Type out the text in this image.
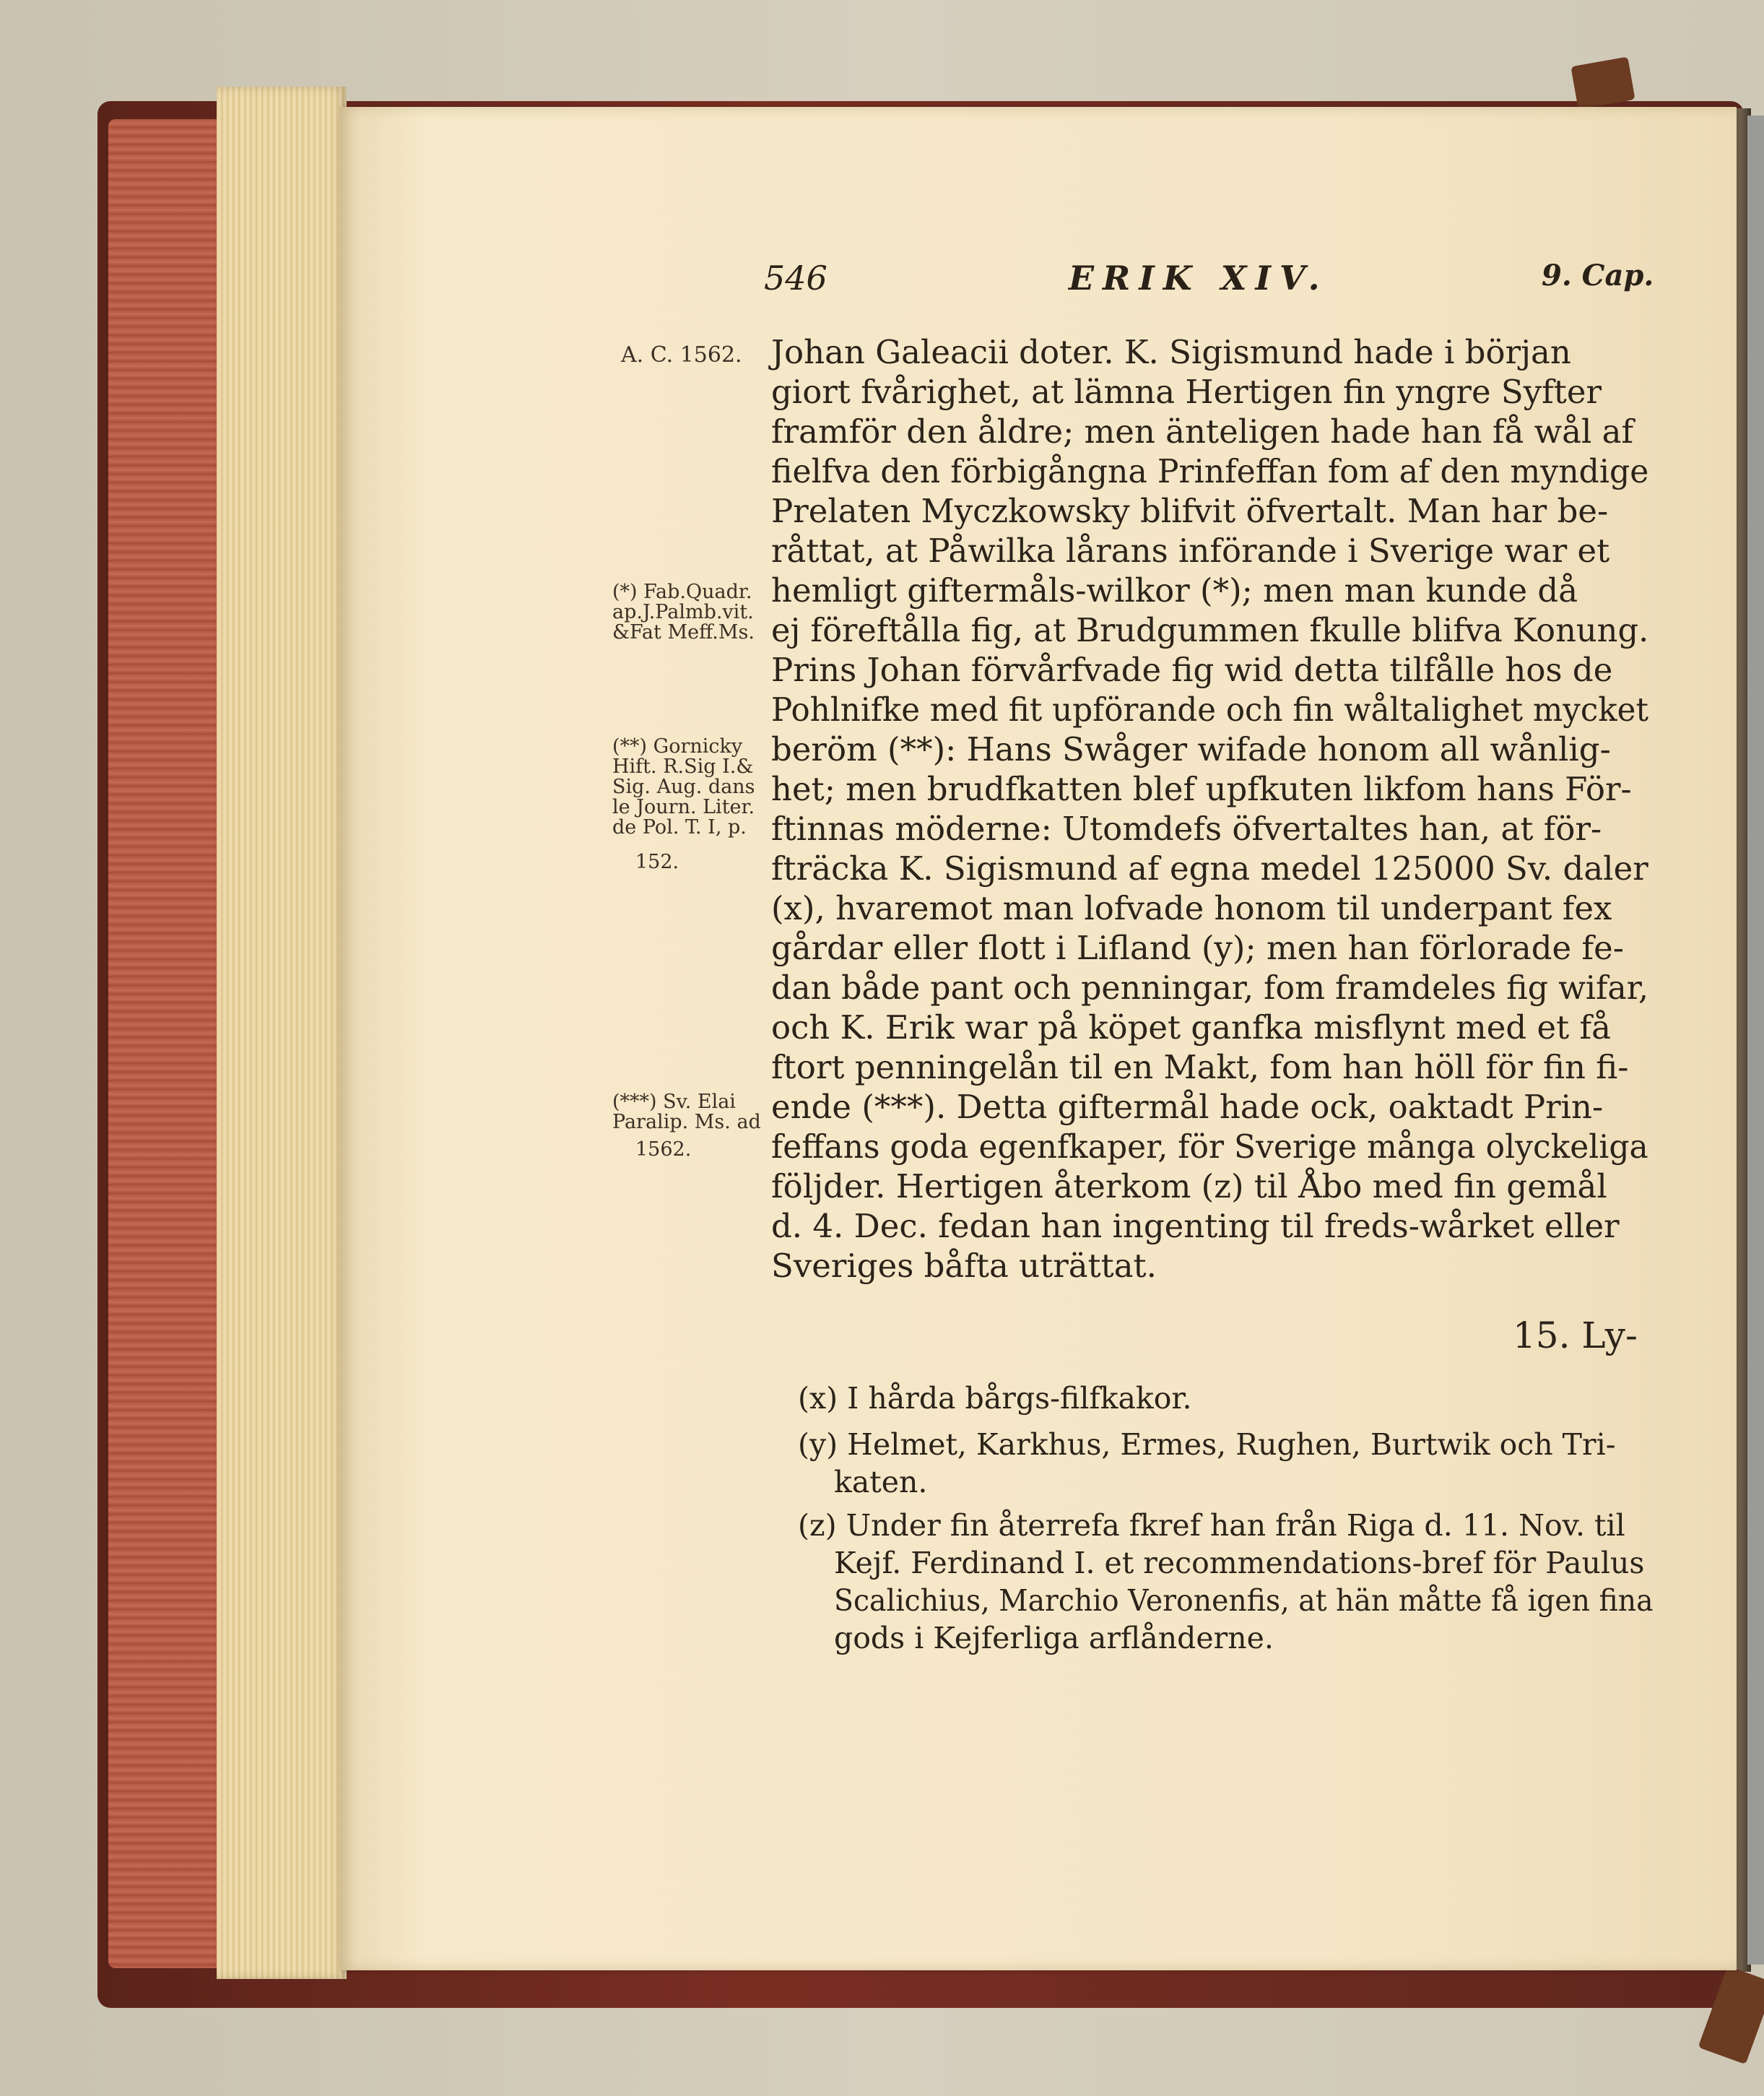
546	ERIK XIV.	9. Cap.
Johan Galeacii doter. K. Sigismund hade i början
giort fvårighet, at lämna Hertigen fin yngre Syfter
framför den åldre; men änteligen hade han få wål af
fielfva den förbigångna Prinfeffan fom af den myndige
Prelaten Myczkowsky blifvit öfvertalt. Man har be-
råttat, at Påwilka lårans införande i Sverige war et
hemligt giftermåls-wilkor (*); men man kunde då
ej föreftålla fig, at Brudgummen fkulle blifva Konung.
Prins Johan förvårfvade fig wid detta tilfålle hos de
Pohlnifke med fit upförande och fin wåltalighet mycket
beröm (**): Hans Swåger wifade honom all wånlig-
het; men brudfkatten blef upfkuten likfom hans För-
ftinnas möderne: Utomdefs öfvertaltes han, at för-
fträcka K. Sigismund af egna medel 125000 Sv. daler
(x), hvaremot man lofvade honom til underpant fex
gårdar eller flott i Lifland (y); men han förlorade fe-
dan både pant och penningar, fom framdeles fig wifar,
och K. Erik war på köpet ganfka misflynt med et få
ftort penningelån til en Makt, fom han höll för fin fi-
ende (***). Detta giftermål hade ock, oaktadt Prin-
feffans goda egenfkaper, för Sverige många olyckeliga
följder. Hertigen återkom (z) til Åbo med fin gemål
d. 4. Dec. fedan han ingenting til freds-wårket eller
Sveriges båfta uträttat.
15. Ly-
A. C. 1562.
(*) Fab.Quadr.
ap.J.Palmb.vit.
&Fat Meff.Ms.
(**) Gornicky
Hift. R.Sig I.&
Sig. Aug. dans
le Journ. Liter.
de Pol. T. I, p.
152.
(***) Sv. Elai
Paralip. Ms. ad
1562.
(x) I hårda bårgs-filfkakor.
(y) Helmet, Karkhus, Ermes, Rughen, Burtwik och Tri-
katen.
(z) Under fin återrefa fkref han från Riga d. 11. Nov. til
Kejf. Ferdinand I. et recommendations-bref för Paulus
Scalichius, Marchio Veronenfis, at hän måtte få igen fina
gods i Kejferliga arflånderne.
